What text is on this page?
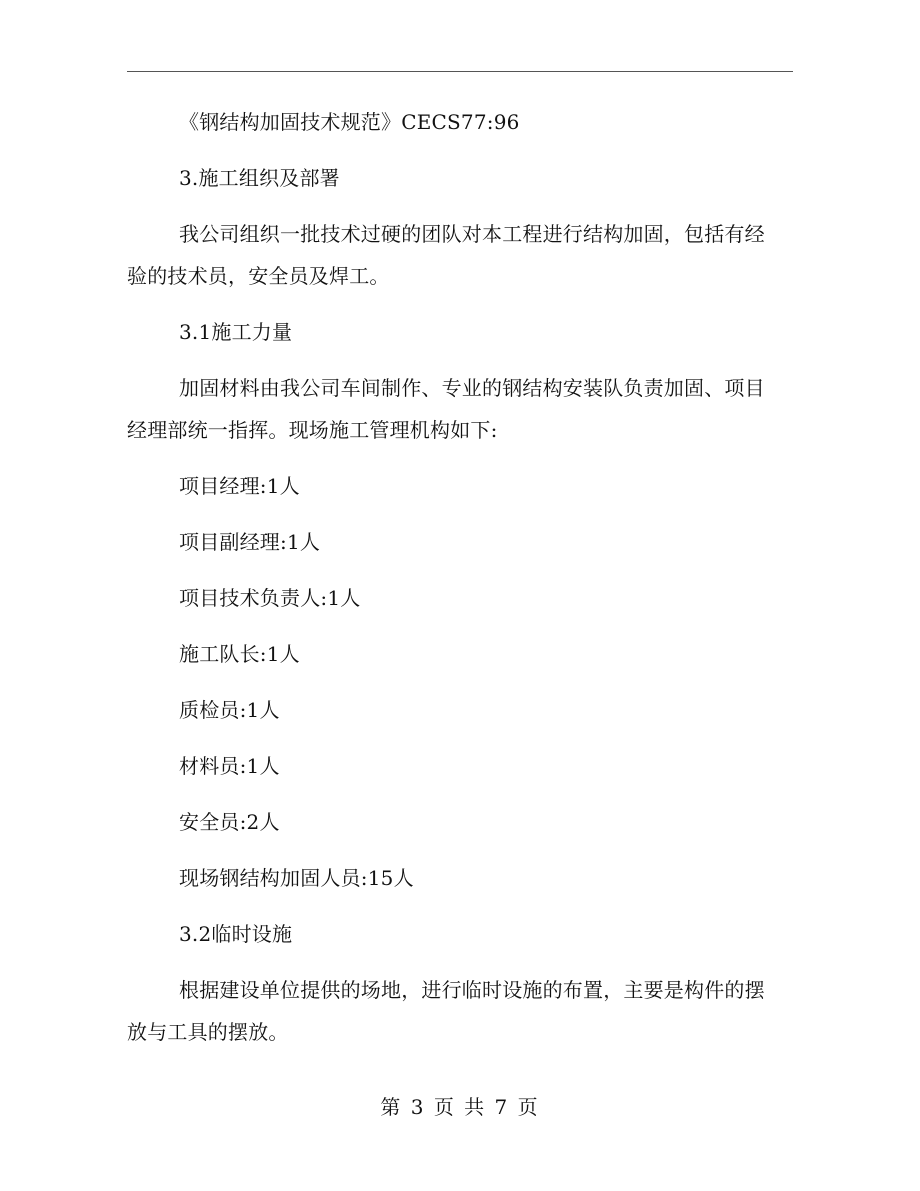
《钢结构加固技术规范》CECS77:96
3.施工组织及部署
我公司组织一批技术过硬的团队对本工程进行结构加固，包括有经
验的技术员，安全员及焊工。
3.1施工力量
加固材料由我公司车间制作、专业的钢结构安装队负责加固、项目
经理部统一指挥。现场施工管理机构如下:
项目经理:1人
项目副经理:1人
项目技术负责人:1人
施工队长:1人
质检员:1人
材料员:1人
安全员:2人
现场钢结构加固人员:15人
3.2临时设施
根据建设单位提供的场地，进行临时设施的布置，主要是构件的摆
放与工具的摆放。
第 3 页 共 7 页
